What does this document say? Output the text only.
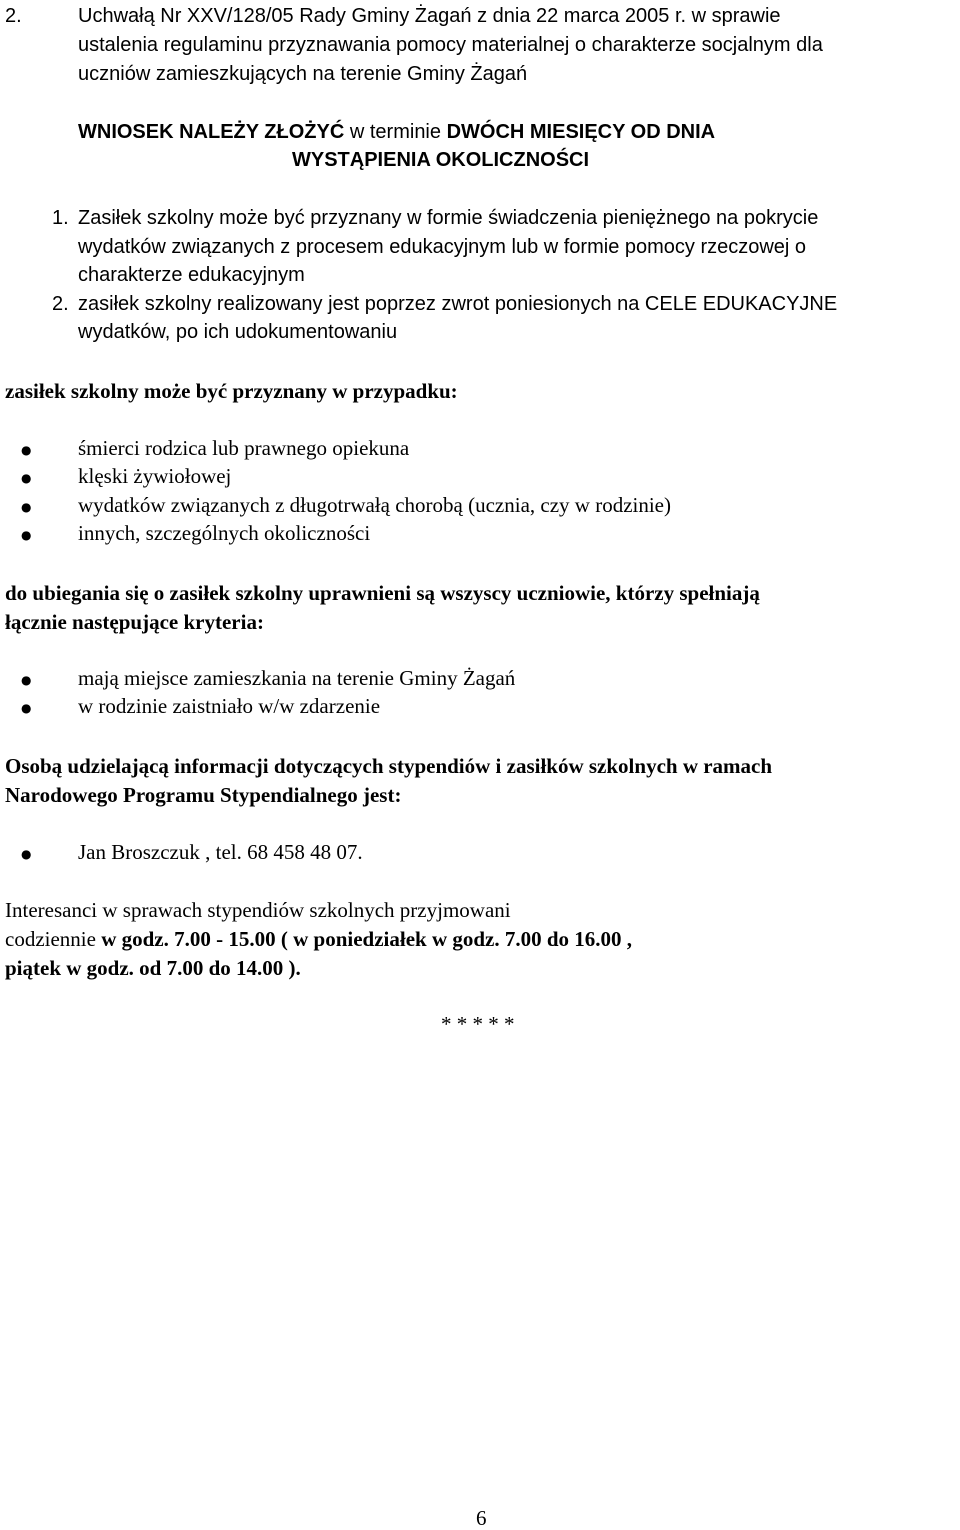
2.	Uchwałą Nr XXV/128/05 Rady Gminy Żagań z dnia 22 marca 2005 r. w sprawie
ustalenia regulaminu przyznawania pomocy materialnej o charakterze socjalnym dla
uczniów zamieszkujących na terenie Gminy Żagań
WNIOSEK NALEŻY ZŁOŻYĆ w terminie DWÓCH MIESIĘCY OD DNIA
WYSTĄPIENIA OKOLICZNOŚCI
1. Zasiłek szkolny może być przyznany w formie świadczenia pieniężnego na pokrycie
wydatków związanych z procesem edukacyjnym lub w formie pomocy rzeczowej o
charakterze edukacyjnym
2. zasiłek szkolny realizowany jest poprzez zwrot poniesionych na CELE EDUKACYJNE
wydatków, po ich udokumentowaniu
zasiłek szkolny może być przyznany w przypadku:
● śmierci rodzica lub prawnego opiekuna
● klęski żywiołowej
● wydatków związanych z długotrwałą chorobą (ucznia, czy w rodzinie)
● innych, szczególnych okoliczności
do ubiegania się o zasiłek szkolny uprawnieni są wszyscy uczniowie, którzy spełniają
łącznie następujące kryteria:
● mają miejsce zamieszkania na terenie Gminy Żagań
● w rodzinie zaistniało w/w zdarzenie
Osobą udzielającą informacji dotyczących stypendiów i zasiłków szkolnych w ramach
Narodowego Programu Stypendialnego jest:
● Jan Broszczuk , tel. 68 458 48 07.
Interesanci w sprawach stypendiów szkolnych przyjmowani
codziennie w godz. 7.00 - 15.00 ( w poniedziałek w godz. 7.00 do 16.00 ,
piątek w godz. od 7.00 do 14.00 ).
* * * * *
6
